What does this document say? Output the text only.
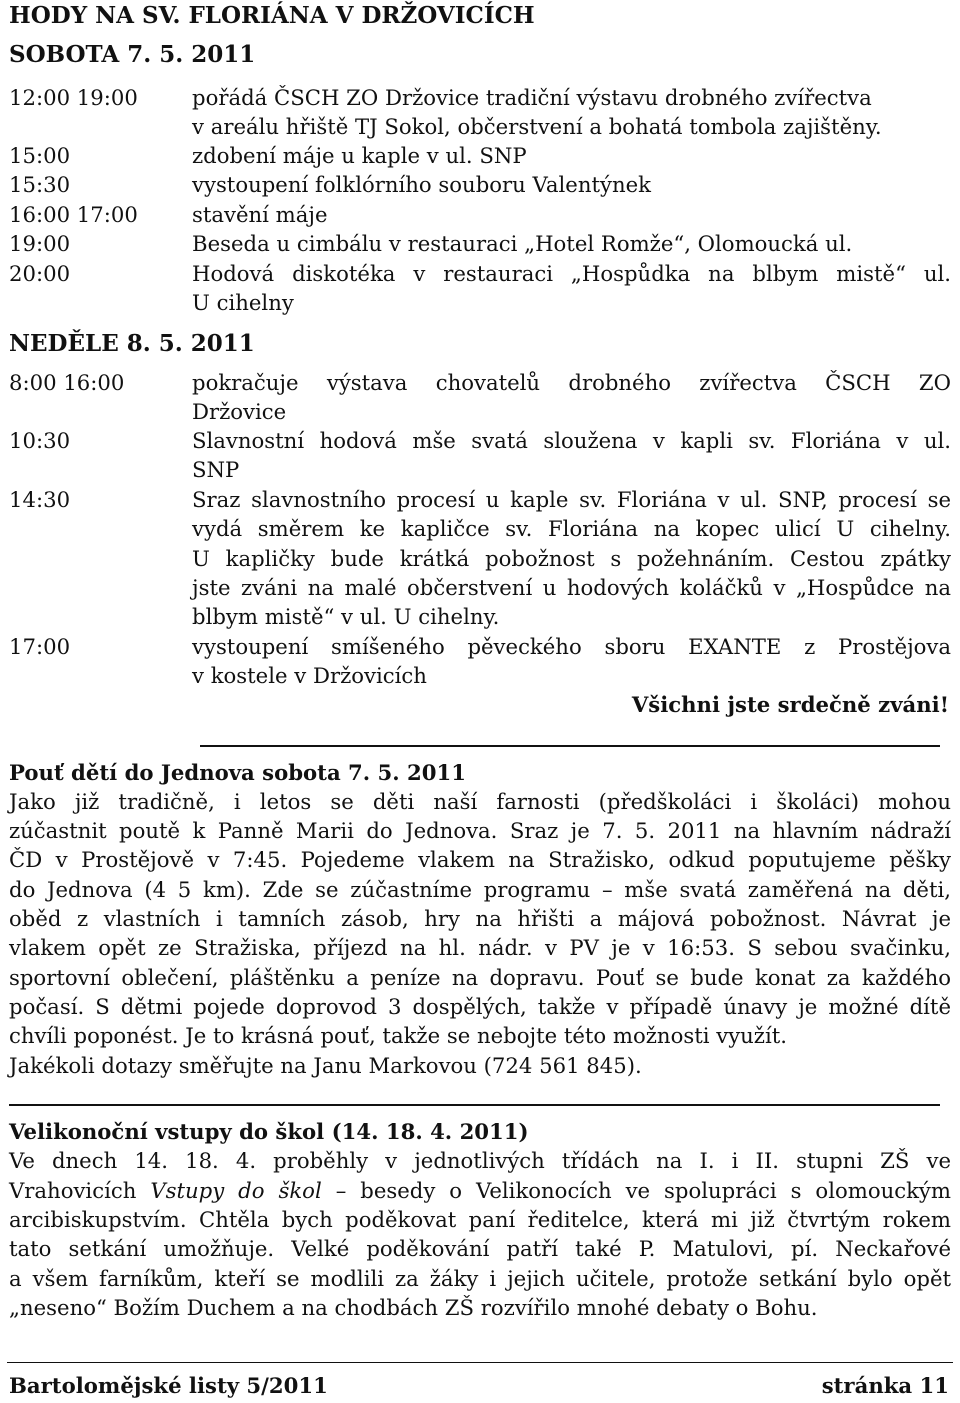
HODY NA SV. FLORIÁNA V DRŽOVICÍCH
SOBOTA 7. 5. 2011
12:00 19:00	pořádá ČSCH ZO Držovice tradiční výstavu drobného zvířectva
v areálu hřiště TJ Sokol, občerstvení a bohatá tombola zajištěny.
15:00	zdobení máje u kaple v ul. SNP
15:30	vystoupení folklórního souboru Valentýnek
16:00 17:00	stavění máje
19:00	Beseda u cimbálu v restauraci „Hotel Romže“, Olomoucká ul.
20:00	Hodová diskotéka v restauraci „Hospůdka na blbym mistě“ ul.
U cihelny
NEDĚLE 8. 5. 2011
8:00 16:00	pokračuje výstava chovatelů drobného zvířectva ČSCH ZO
Držovice
10:30	Slavnostní hodová mše svatá sloužena v kapli sv. Floriána v ul.
SNP
14:30	Sraz slavnostního procesí u kaple sv. Floriána v ul. SNP, procesí se
vydá směrem ke kapličce sv. Floriána na kopec ulicí U cihelny.
U kapličky bude krátká pobožnost s požehnáním. Cestou zpátky
jste zváni na malé občerstvení u hodových koláčků v „Hospůdce na
blbym mistě“ v ul. U cihelny.
17:00	vystoupení smíšeného pěveckého sboru EXANTE z Prostějova
v kostele v Držovicích
Všichni jste srdečně zváni!
Pouť dětí do Jednova sobota 7. 5. 2011
Jako již tradičně, i letos se děti naší farnosti (předškoláci i školáci) mohou
zúčastnit poutě k Panně Marii do Jednova. Sraz je 7. 5. 2011 na hlavním nádraží
ČD v Prostějově v 7:45. Pojedeme vlakem na Stražisko, odkud poputujeme pěšky
do Jednova (4 5 km). Zde se zúčastníme programu – mše svatá zaměřená na děti,
oběd z vlastních i tamních zásob, hry na hřišti a májová pobožnost. Návrat je
vlakem opět ze Stražiska, příjezd na hl. nádr. v PV je v 16:53. S sebou svačinku,
sportovní oblečení, pláštěnku a peníze na dopravu. Pouť se bude konat za každého
počasí. S dětmi pojede doprovod 3 dospělých, takže v případě únavy je možné dítě
chvíli poponést. Je to krásná pouť, takže se nebojte této možnosti využít.
Jakékoli dotazy směřujte na Janu Markovou (724 561 845).
Velikonoční vstupy do škol (14. 18. 4. 2011)
Ve dnech 14. 18. 4. proběhly v jednotlivých třídách na I. i II. stupni ZŠ ve
Vrahovicích Vstupy do škol – besedy o Velikonocích ve spolupráci s olomouckým
arcibiskupstvím. Chtěla bych poděkovat paní ředitelce, která mi již čtvrtým rokem
tato setkání umožňuje. Velké poděkování patří také P. Matulovi, pí. Neckařové
a všem farníkům, kteří se modlili za žáky i jejich učitele, protože setkání bylo opět
„neseno“ Božím Duchem a na chodbách ZŠ rozvířilo mnohé debaty o Bohu.
Bartolomějské listy 5/2011	stránka 11
